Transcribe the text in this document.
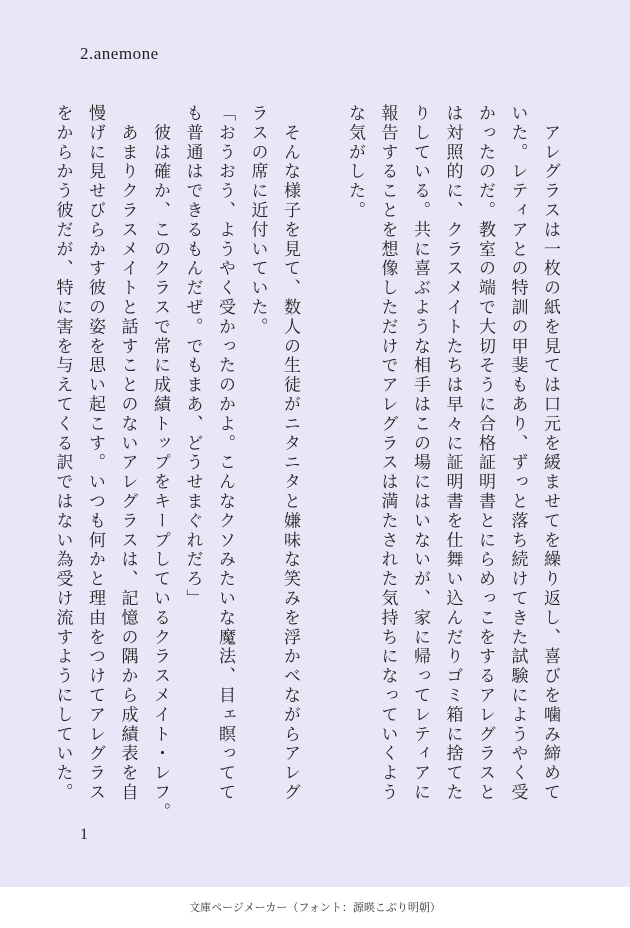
2.anemone

　アレグラスは一枚の紙を見ては口元を緩ませてを繰り返し、喜びを噛み締めて

いた。レティアとの特訓の甲斐もあり、ずっと落ち続けてきた試験にようやく受

かったのだ。教室の端で大切そうに合格証明書とにらめっこをするアレグラスと

は対照的に、クラスメイトたちは早々に証明書を仕舞い込んだりゴミ箱に捨てた

りしている。共に喜ぶような相手はこの場にはいないが、家に帰ってレティアに

報告することを想像しただけでアレグラスは満たされた気持ちになっていくよう

な気がした。

　そんな様子を見て、数人の生徒がニタニタと嫌味な笑みを浮かべながらアレグ

ラスの席に近付いていた。

「おうおう、ようやく受かったのかよ。こんなクソみたいな魔法、目ェ瞑ってて

も普通はできるもんだぜ。でもまあ、どうせまぐれだろ」

　彼は確か、このクラスで常に成績トップをキープしているクラスメイト・レフ。

　あまりクラスメイトと話すことのないアレグラスは、記憶の隅から成績表を自

慢げに見せびらかす彼の姿を思い起こす。いつも何かと理由をつけてアレグラス

をからかう彼だが、特に害を与えてくる訳ではない為受け流すようにしていた。

1
文庫ページメーカー（フォント：源暎こぶり明朝）
